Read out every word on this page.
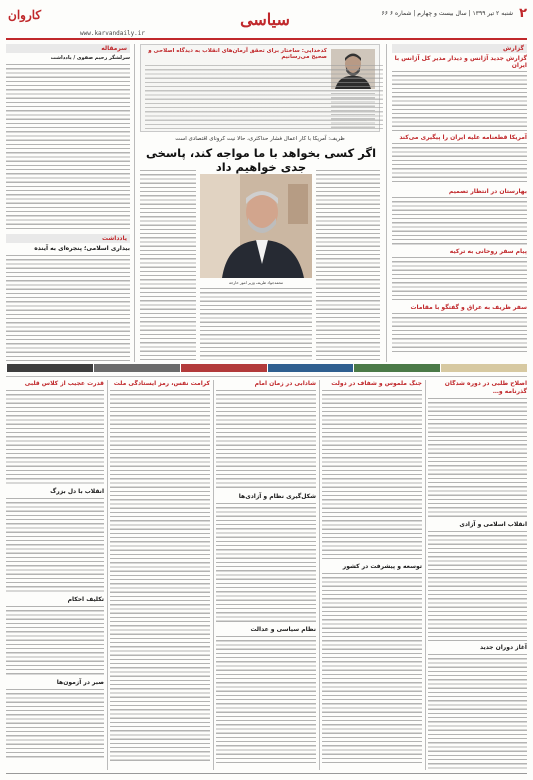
کاروان
www.karvandaily.ir
سیاسی	۲
شنبه ۲ تیر ۱۳۹۹ | سال بیست و چهارم | شماره ۶ ۶۶
سرمقاله
سرلشگر رحیم صفوی / یادداشت
یادداشت
بیداری اسلامی؛ پنجره‌ای به آینده
کدخدایی: ساختار برای تحقق آرمان‌های انقلاب به دیدگاه اصلاحی و صحیح می‌رسانیم
ظریف: آمریکا با کار اعمال فشار حداکثری، حالا نیت کرونای اقتصادی است
اگر کسی بخواهد با ما مواجه کند، پاسخی جدی خواهیم داد
محمدجواد ظریف وزیر امور خارجه
گزارش
گزارش جدید آژانس و دیدار مدیر کل آژانس با ایران
آمریکا قطعنامه علیه ایران را پیگیری می‌کند
بهارستان در انتظار تصمیم
پیام سفر روحانی به ترکیه
سفر ظریف به عراق و گفتگو با مقامات
قدرت عجیب از کلاس قلبی
انقلاب با دل بزرگ
تکلیف احکام
صبر در آزمون‌ها
کرامت نفس، رمز ایستادگی ملت	شادابی در زمان امام
شکل‌گیری نظام و آزادی‌ها
نظام سیاسی و عدالت
جنگ ملموس و شفاف در دولت
توسعه و پیشرفت در کشور
اصلاح طلبی در دوره شدگان گذرنامه و…
انقلاب اسلامی و آزادی
آغاز دوران جدید
